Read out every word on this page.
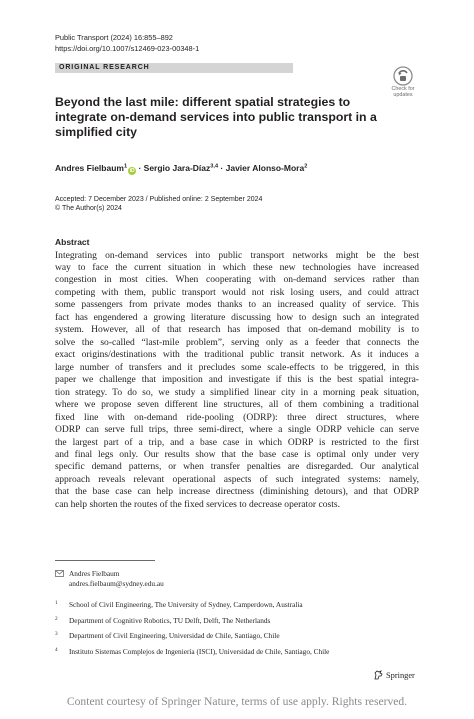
Public Transport (2024) 16:855–892
https://doi.org/10.1007/s12469-023-00348-1
ORIGINAL RESEARCH
Check for
updates
Beyond the last mile: different spatial strategies to integrate on-demand services into public transport in a simplified city
Andres Fielbaum$^1$iD · Sergio Jara-Díaz$^{3,4}$ · Javier Alonso-Mora$^2$
Accepted: 7 December 2023 / Published online: 2 September 2024
© The Author(s) 2024
Abstract
Integrating on-demand services into public transport networks might be the best
way to face the current situation in which these new technologies have increased
congestion in most cities. When cooperating with on-demand services rather than
competing with them, public transport would not risk losing users, and could attract
some passengers from private modes thanks to an increased quality of service. This
fact has engendered a growing literature discussing how to design such an integrated
system. However, all of that research has imposed that on-demand mobility is to
solve the so-called “last-mile problem”, serving only as a feeder that connects the
exact origins/destinations with the traditional public transit network. As it induces a
large number of transfers and it precludes some scale-effects to be triggered, in this
paper we challenge that imposition and investigate if this is the best spatial integra-
tion strategy. To do so, we study a simplified linear city in a morning peak situation,
where we propose seven different line structures, all of them combining a traditional
fixed line with on-demand ride-pooling (ODRP): three direct structures, where
ODRP can serve full trips, three semi-direct, where a single ODRP vehicle can serve
the largest part of a trip, and a base case in which ODRP is restricted to the first
and final legs only. Our results show that the base case is optimal only under very
specific demand patterns, or when transfer penalties are disregarded. Our analytical
approach reveals relevant operational aspects of such integrated systems: namely,
that the base case can help increase directness (diminishing detours), and that ODRP
can help shorten the routes of the fixed services to decrease operator costs.
Andres Fielbaum
andres.fielbaum@sydney.edu.au
1 School of Civil Engineering, The University of Sydney, Camperdown, Australia
2 Department of Cognitive Robotics, TU Delft, Delft, The Netherlands
3 Department of Civil Engineering, Universidad de Chile, Santiago, Chile
4 Instituto Sistemas Complejos de Ingeniería (ISCI), Universidad de Chile, Santiago, Chile
Springer
Content courtesy of Springer Nature, terms of use apply. Rights reserved.
